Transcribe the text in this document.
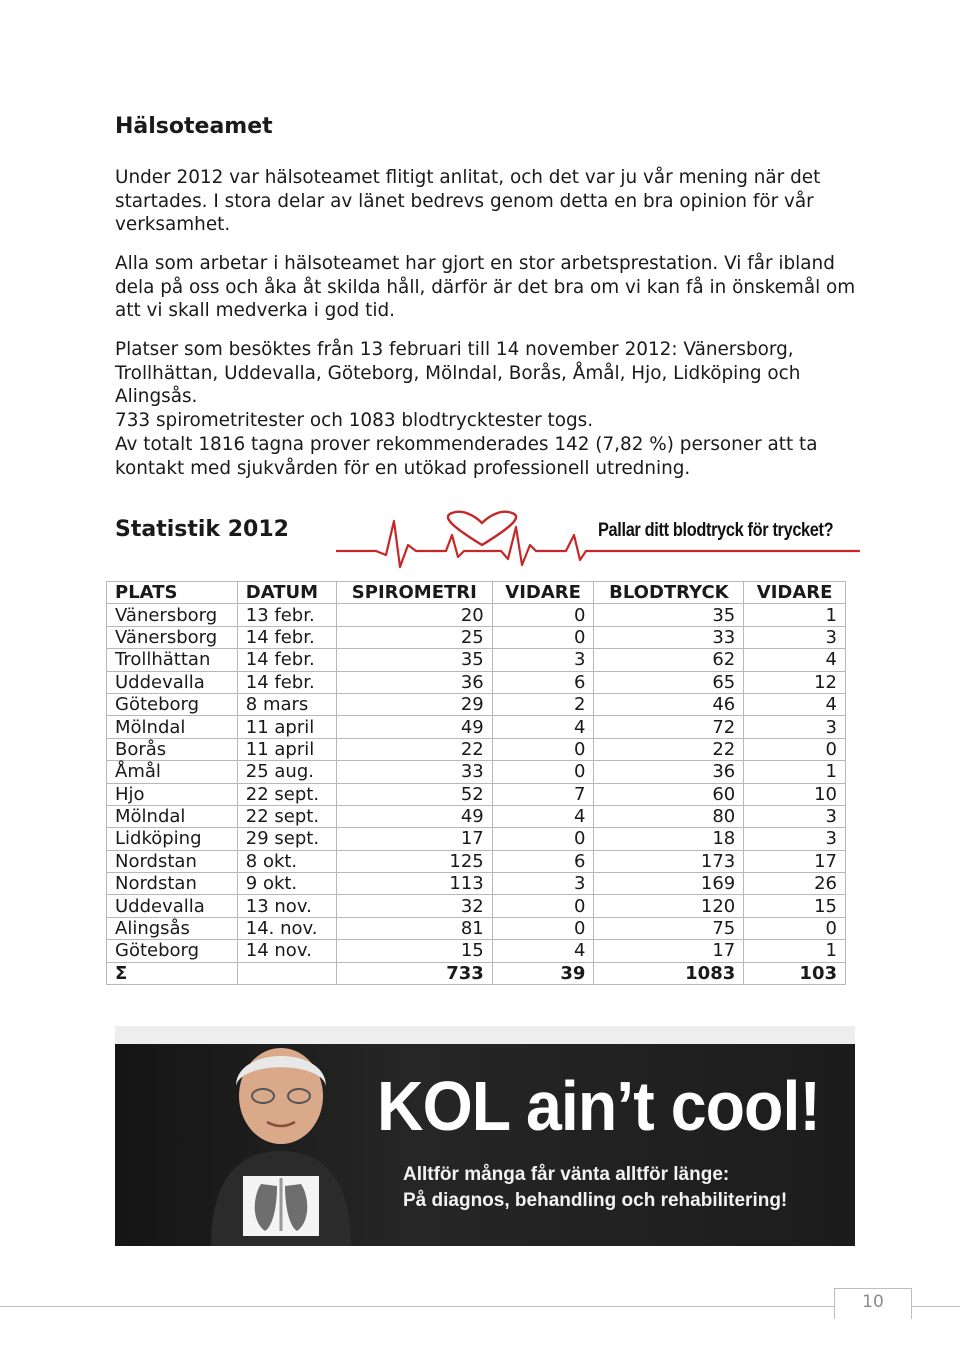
Hälsoteamet

Under 2012 var hälsoteamet flitigt anlitat, och det var ju vår mening när det startades. I stora delar av länet bedrevs genom detta en bra opinion för vår verksamhet.

Alla som arbetar i hälsoteamet har gjort en stor arbetsprestation. Vi får ibland dela på oss och åka åt skilda håll, därför är det bra om vi kan få in önskemål om att vi skall medverka i god tid.

Platser som besöktes från 13 februari till 14 november 2012: Vänersborg, Trollhättan, Uddevalla, Göteborg, Mölndal, Borås, Åmål, Hjo, Lidköping och Alingsås.

733 spirometritester och 1083 blodtrycktester togs.

Av totalt 1816 tagna prover rekommenderades 142 (7,82 %) personer att ta kontakt med sjukvården för en utökad professionell utredning.

Statistik 2012	Pallar ditt blodtryck för trycket?
PLATS	DATUM	SPIROMETRI	VIDARE	BLODTRYCK	VIDARE
Vänersborg	13 febr.	20	0	35	1
Vänersborg	14 febr.	25	0	33	3
Trollhättan	14 febr.	35	3	62	4
Uddevalla	14 febr.	36	6	65	12
Göteborg	8 mars	29	2	46	4
Mölndal	11 april	49	4	72	3
Borås	11 april	22	0	22	0
Åmål	25 aug.	33	0	36	1
Hjo	22 sept.	52	7	60	10
Mölndal	22 sept.	49	4	80	3
Lidköping	29 sept.	17	0	18	3
Nordstan	8 okt.	125	6	173	17
Nordstan	9 okt.	113	3	169	26
Uddevalla	13 nov.	32	0	120	15
Alingsås	14. nov.	81	0	75	0
Göteborg	14 nov.	15	4	17	1
Σ		733	39	1083	103
KOL ain’t cool!
Alltför många får vänta alltför länge:
På diagnos, behandling och rehabilitering!
10
